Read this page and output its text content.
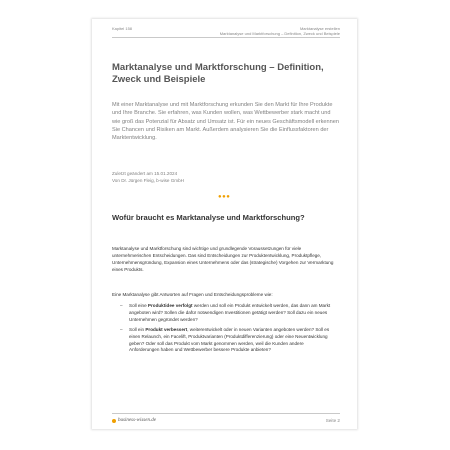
Kapitel 158	Marktanalyse erstellen
Marktanalyse und Marktforschung – Definition, Zweck und Beispiele
Marktanalyse und Marktforschung – Definition, Zweck und Beispiele

Mit einer Marktanalyse und mit Marktforschung erkunden Sie den Markt für Ihre Produkte und Ihre Branche. Sie erfahren, was Kunden wollen, was Wettbewerber stark macht und wie groß das Potenzial für Absatz und Umsatz ist. Für ein neues Geschäftsmodell erkennen Sie Chancen und Risiken am Markt. Außerdem analysieren Sie die Einflussfaktoren der Marktentwicklung.

Zuletzt geändert am 15.01.2024
Von Dr. Jürgen Fleig, b-wise GmbH
●●●
Wofür braucht es Marktanalyse und Marktforschung?

Marktanalyse und Marktforschung sind wichtige und grundlegende Voraussetzungen für viele unternehmerischen Entscheidungen. Das sind Entscheidungen zur Produktentwicklung, Produktpflege, Unternehmensgründung, Expansion eines Unternehmens oder das (strategische) Vorgehen zur Vermarktung eines Produkts.

Eine Marktanalyse gibt Antworten auf Fragen und Entscheidungsprobleme wie:

– Soll eine Produktidee verfolgt werden und soll ein Produkt entwickelt werden, das dann am Markt angeboten wird? Sollen die dafür notwendigen Investitionen getätigt werden? Soll dazu ein neues Unternehmen gegründet werden?
– Soll ein Produkt verbessert, weiterentwickelt oder in neuen Varianten angeboten werden? Soll es einen Relaunch, ein Facelift, Produktvarianten (Produktdifferenzierung) oder eine Neuentwicklung geben? Oder soll das Produkt vom Markt genommen werden, weil die Kunden andere Anforderungen haben und Wettbewerber bessere Produkte anbieten?
business-wissen.de	Seite 2
